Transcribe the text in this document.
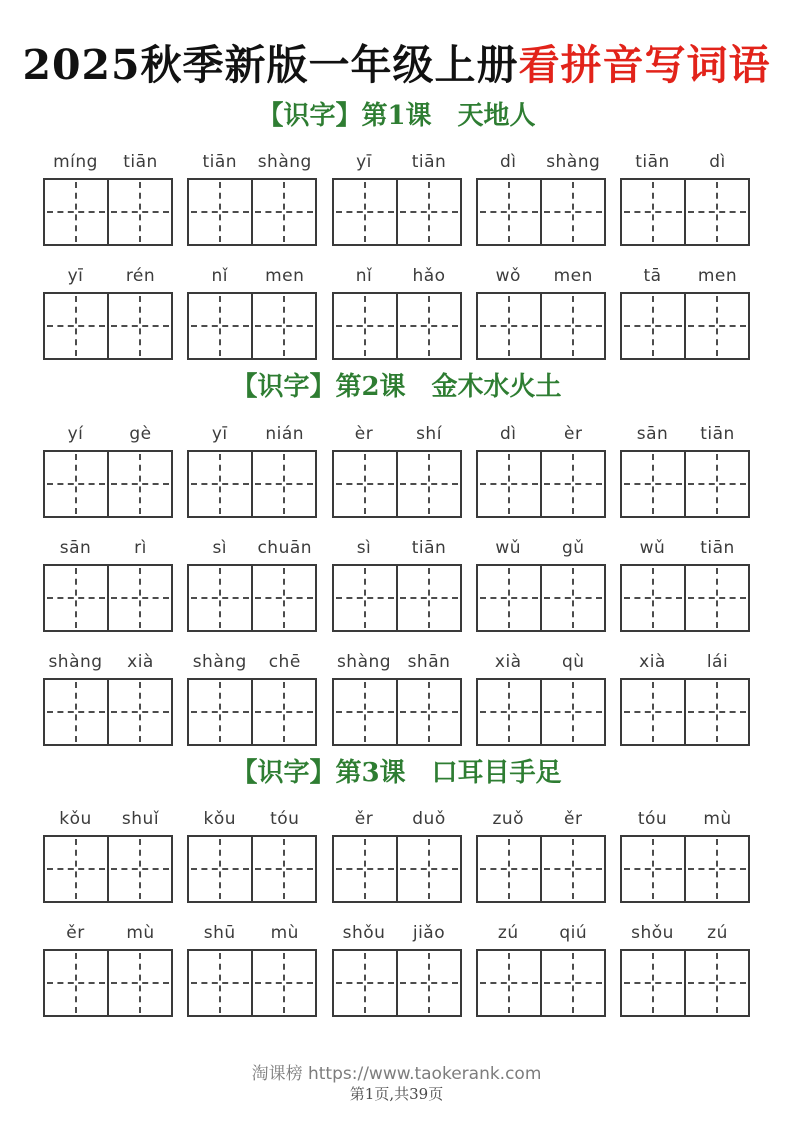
2025秋季新版一年级上册看拼音写词语
【识字】第1课　天地人
míng	tiān	tiān	shàng	yī	tiān	dì	shàng	tiān	dì
yī	rén	nǐ	men	nǐ	hǎo	wǒ	men	tā	men
【识字】第2课　金木水火土
yí	gè	yī	nián	èr	shí	dì	èr	sān	tiān
sān	rì	sì	chuān	sì	tiān	wǔ	gǔ	wǔ	tiān
shàng	xià	shàng	chē	shàng shān	xià	qù	xià	lái
【识字】第3课　口耳目手足
kǒu	shuǐ	kǒu	tóu	ěr	duǒ	zuǒ	ěr	tóu	mù
ěr	mù	shū	mù	shǒu	jiǎo	zú	qiú	shǒu	zú
淘课榜 https://www.taokerank.com
第1页,共39页
